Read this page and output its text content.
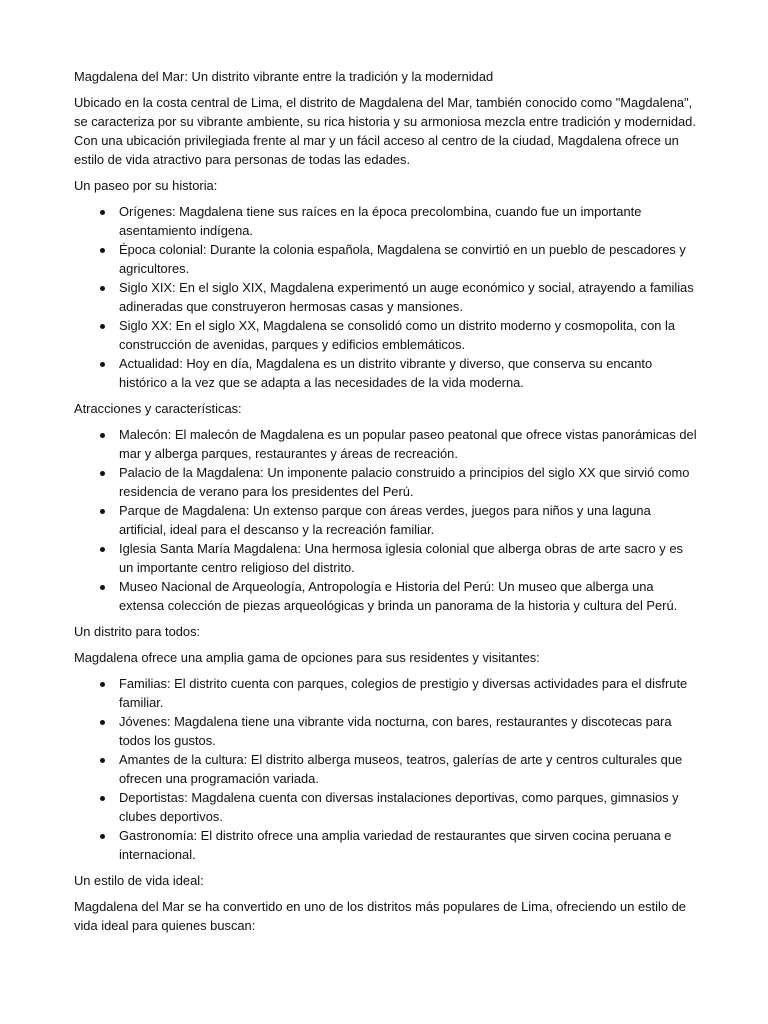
Magdalena del Mar: Un distrito vibrante entre la tradición y la modernidad

Ubicado en la costa central de Lima, el distrito de Magdalena del Mar, también conocido como "Magdalena", se caracteriza por su vibrante ambiente, su rica historia y su armoniosa mezcla entre tradición y modernidad. Con una ubicación privilegiada frente al mar y un fácil acceso al centro de la ciudad, Magdalena ofrece un estilo de vida atractivo para personas de todas las edades.

Un paseo por su historia:

Orígenes: Magdalena tiene sus raíces en la época precolombina, cuando fue un importante asentamiento indígena.
Época colonial: Durante la colonia española, Magdalena se convirtió en un pueblo de pescadores y agricultores.
Siglo XIX: En el siglo XIX, Magdalena experimentó un auge económico y social, atrayendo a familias adineradas que construyeron hermosas casas y mansiones.
Siglo XX: En el siglo XX, Magdalena se consolidó como un distrito moderno y cosmopolita, con la construcción de avenidas, parques y edificios emblemáticos.
Actualidad: Hoy en día, Magdalena es un distrito vibrante y diverso, que conserva su encanto histórico a la vez que se adapta a las necesidades de la vida moderna.

Atracciones y características:

Malecón: El malecón de Magdalena es un popular paseo peatonal que ofrece vistas panorámicas del mar y alberga parques, restaurantes y áreas de recreación.
Palacio de la Magdalena: Un imponente palacio construido a principios del siglo XX que sirvió como residencia de verano para los presidentes del Perú.
Parque de Magdalena: Un extenso parque con áreas verdes, juegos para niños y una laguna artificial, ideal para el descanso y la recreación familiar.
Iglesia Santa María Magdalena: Una hermosa iglesia colonial que alberga obras de arte sacro y es un importante centro religioso del distrito.
Museo Nacional de Arqueología, Antropología e Historia del Perú: Un museo que alberga una extensa colección de piezas arqueológicas y brinda un panorama de la historia y cultura del Perú.

Un distrito para todos:

Magdalena ofrece una amplia gama de opciones para sus residentes y visitantes:

Familias: El distrito cuenta con parques, colegios de prestigio y diversas actividades para el disfrute familiar.
Jóvenes: Magdalena tiene una vibrante vida nocturna, con bares, restaurantes y discotecas para todos los gustos.
Amantes de la cultura: El distrito alberga museos, teatros, galerías de arte y centros culturales que ofrecen una programación variada.
Deportistas: Magdalena cuenta con diversas instalaciones deportivas, como parques, gimnasios y clubes deportivos.
Gastronomía: El distrito ofrece una amplia variedad de restaurantes que sirven cocina peruana e internacional.

Un estilo de vida ideal:

Magdalena del Mar se ha convertido en uno de los distritos más populares de Lima, ofreciendo un estilo de vida ideal para quienes buscan:
